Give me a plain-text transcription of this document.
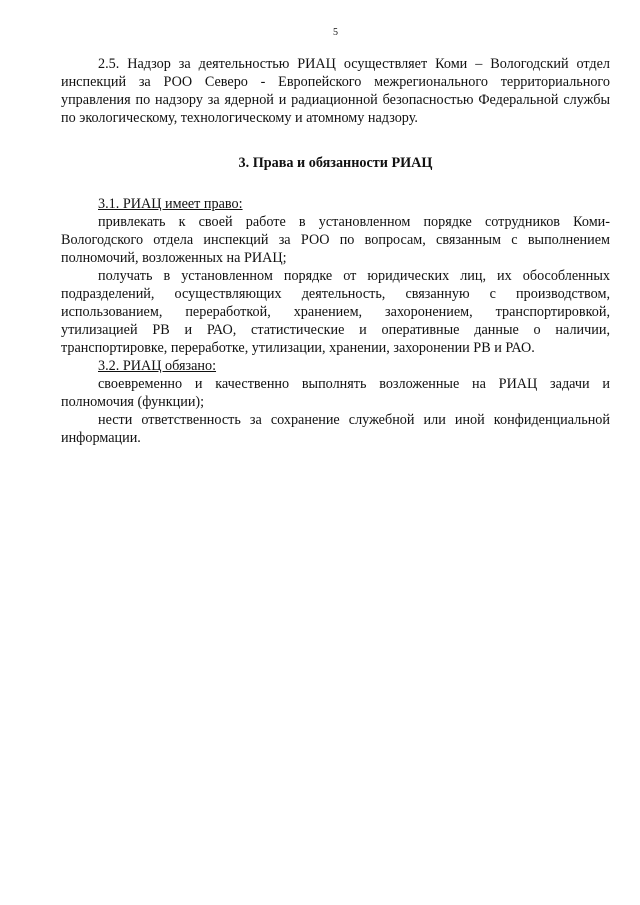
5

2.5. Надзор за деятельностью РИАЦ осуществляет Коми – Вологодский отдел инспекций за РОО Северо - Европейского межрегионального территориального управления по надзору за ядерной и радиационной безопасностью Федеральной службы по экологическому, технологическому и атомному надзору.

3. Права и обязанности РИАЦ

3.1. РИАЦ имеет право:

привлекать к своей работе в установленном порядке сотрудников Коми-Вологодского отдела инспекций за РОО по вопросам, связанным с выполнением полномочий, возложенных на РИАЦ;

получать в установленном порядке от юридических лиц, их обособленных подразделений, осуществляющих деятельность, связанную с производством, использованием, переработкой, хранением, захоронением, транспортировкой, утилизацией РВ и РАО, статистические и оперативные данные о наличии, транспортировке, переработке, утилизации, хранении, захоронении РВ и РАО.

3.2. РИАЦ обязано:

своевременно и качественно выполнять возложенные на РИАЦ задачи и полномочия (функции);

нести ответственность за сохранение служебной или иной конфиденциальной информации.
